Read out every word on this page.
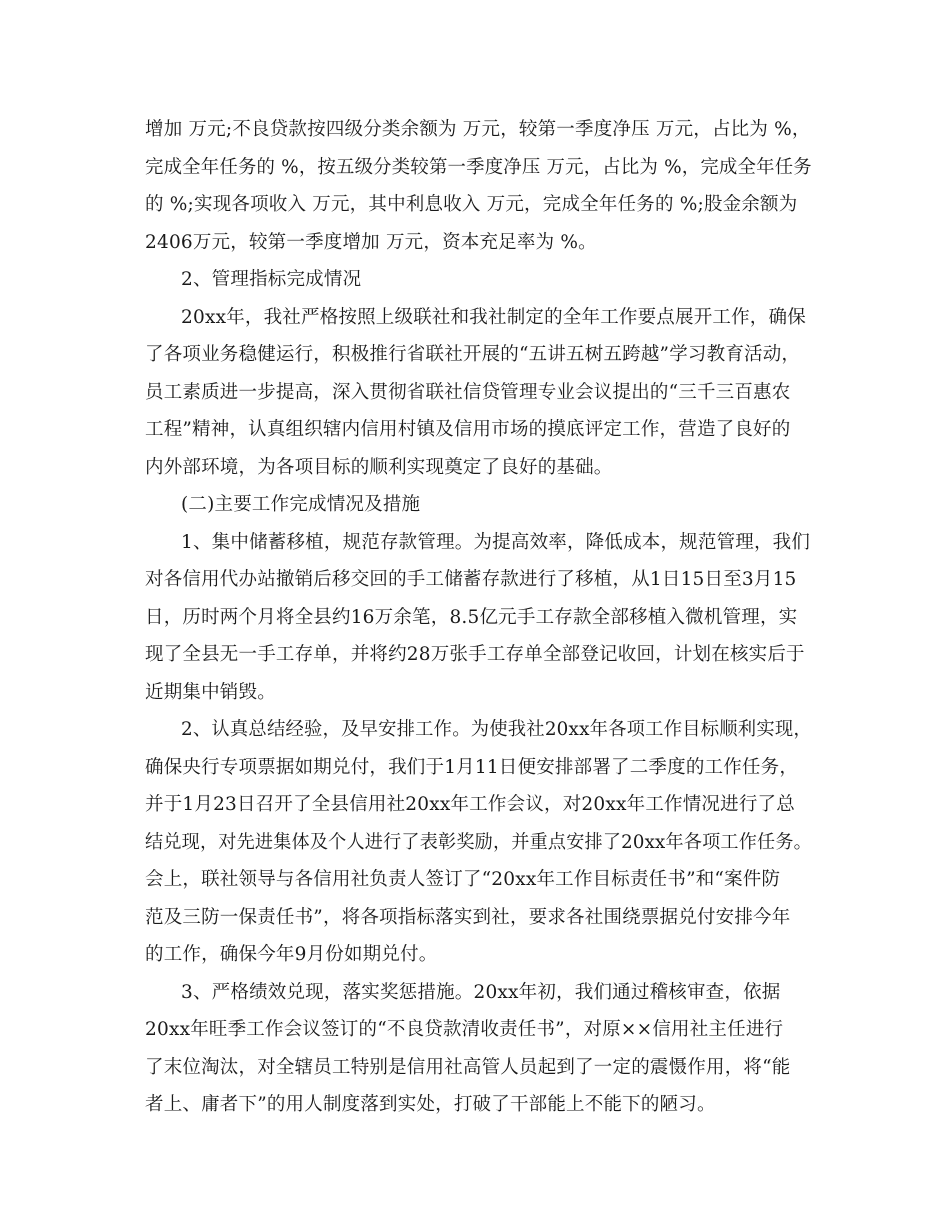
增加 万元;不良贷款按四级分类余额为 万元，较第一季度净压 万元，占比为 %，
完成全年任务的 %，按五级分类较第一季度净压 万元，占比为 %，完成全年任务
的 %;实现各项收入 万元，其中利息收入 万元，完成全年任务的 %;股金余额为
2406万元，较第一季度增加 万元，资本充足率为 %。
2、管理指标完成情况
20xx年，我社严格按照上级联社和我社制定的全年工作要点展开工作，确保
了各项业务稳健运行，积极推行省联社开展的“五讲五树五跨越”学习教育活动，
员工素质进一步提高，深入贯彻省联社信贷管理专业会议提出的“三千三百惠农
工程”精神，认真组织辖内信用村镇及信用市场的摸底评定工作，营造了良好的
内外部环境，为各项目标的顺利实现奠定了良好的基础。
(二)主要工作完成情况及措施
1、集中储蓄移植，规范存款管理。为提高效率，降低成本，规范管理，我们
对各信用代办站撤销后移交回的手工储蓄存款进行了移植，从1日15日至3月15
日，历时两个月将全县约16万余笔，8.5亿元手工存款全部移植入微机管理，实
现了全县无一手工存单，并将约28万张手工存单全部登记收回，计划在核实后于
近期集中销毁。
2、认真总结经验，及早安排工作。为使我社20xx年各项工作目标顺利实现，
确保央行专项票据如期兑付，我们于1月11日便安排部署了二季度的工作任务，
并于1月23日召开了全县信用社20xx年工作会议，对20xx年工作情况进行了总
结兑现，对先进集体及个人进行了表彰奖励，并重点安排了20xx年各项工作任务。
会上，联社领导与各信用社负责人签订了“20xx年工作目标责任书”和“案件防
范及三防一保责任书”，将各项指标落实到社，要求各社围绕票据兑付安排今年
的工作，确保今年9月份如期兑付。
3、严格绩效兑现，落实奖惩措施。20xx年初，我们通过稽核审查，依据
20xx年旺季工作会议签订的“不良贷款清收责任书”，对原××信用社主任进行
了末位淘汰，对全辖员工特别是信用社高管人员起到了一定的震慑作用，将“能
者上、庸者下”的用人制度落到实处，打破了干部能上不能下的陋习。
